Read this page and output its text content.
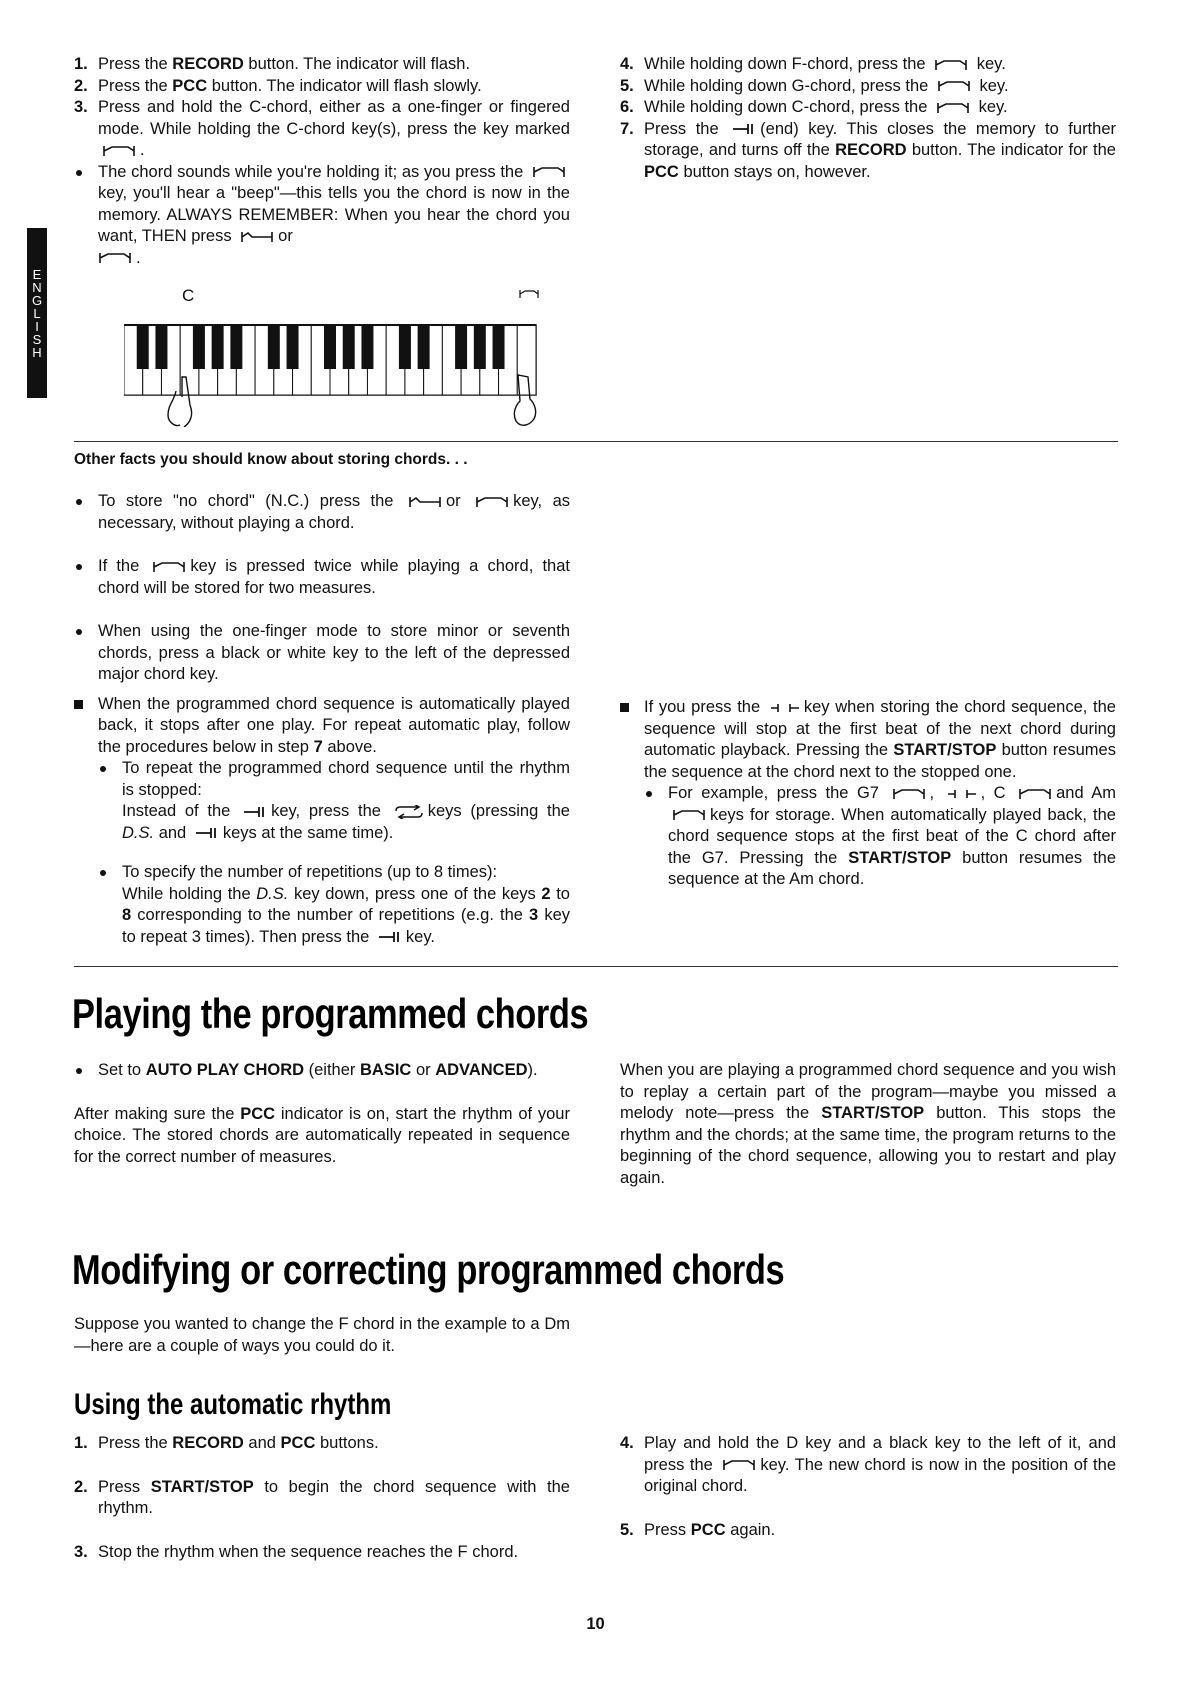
E
N
G
L
I
S
H
1. Press the RECORD button. The indicator will flash.
2. Press the PCC button. The indicator will flash slowly.
3. Press and hold the C-chord, either as a one-finger or fingered mode. While holding the C-chord key(s), press the key marked .
The chord sounds while you're holding it; as you press the key, you'll hear a "beep"—this tells you the chord is now in the memory. ALWAYS REMEMBER: When you hear the chord you want, THEN press	or
.
C
4. While holding down F-chord, press the	key.
5. While holding down G-chord, press the	key.
6. While holding down C-chord, press the	key.
7. Press the	(end) key. This closes the memory to further storage, and turns off the RECORD button. The indicator for the PCC button stays on, however.
Other facts you should know about storing chords. . .
To store "no chord" (N.C.) press the	or	key, as necessary, without playing a chord.
If the	key is pressed twice while playing a chord, that chord will be stored for two measures.
When using the one-finger mode to store minor or seventh chords, press a black or white key to the left of the depressed major chord key.
When the programmed chord sequence is automatically played back, it stops after one play. For repeat automatic play, follow the procedures below in step 7 above.
To repeat the programmed chord sequence until the rhythm is stopped:
Instead of the key, press the	keys (pressing the D.S. and keys at the same time).
To specify the number of repetitions (up to 8 times):
While holding the D.S. key down, press one of the keys 2 to 8 corresponding to the number of repetitions (e.g. the 3 key to repeat 3 times). Then press the key.
If you press the	key when storing the chord sequence, the sequence will stop at the first beat of the next chord during automatic playback. Pressing the START/STOP button resumes the sequence at the chord next to the stopped one.
For example, press the G7	,	, C	and Am keys for storage. When automatically played back, the chord sequence stops at the first beat of the C chord after the G7. Pressing the START/STOP button resumes the sequence at the Am chord.
Playing the programmed chords
Set to AUTO PLAY CHORD (either BASIC or ADVANCED).

After making sure the PCC indicator is on, start the rhythm of your choice. The stored chords are automatically repeated in sequence for the correct number of measures.

When you are playing a programmed chord sequence and you wish to replay a certain part of the program—maybe you missed a melody note—press the START/STOP button. This stops the rhythm and the chords; at the same time, the program returns to the beginning of the chord sequence, allowing you to restart and play again.

Modifying or correcting programmed chords
Suppose you wanted to change the F chord in the example to a Dm—here are a couple of ways you could do it.
Using the automatic rhythm
1. Press the RECORD and PCC buttons.
2. Press START/STOP to begin the chord sequence with the rhythm.
3. Stop the rhythm when the sequence reaches the F chord.
4. Play and hold the D key and a black key to the left of it, and press the	key. The new chord is now in the position of the original chord.
5. Press PCC again.
10
